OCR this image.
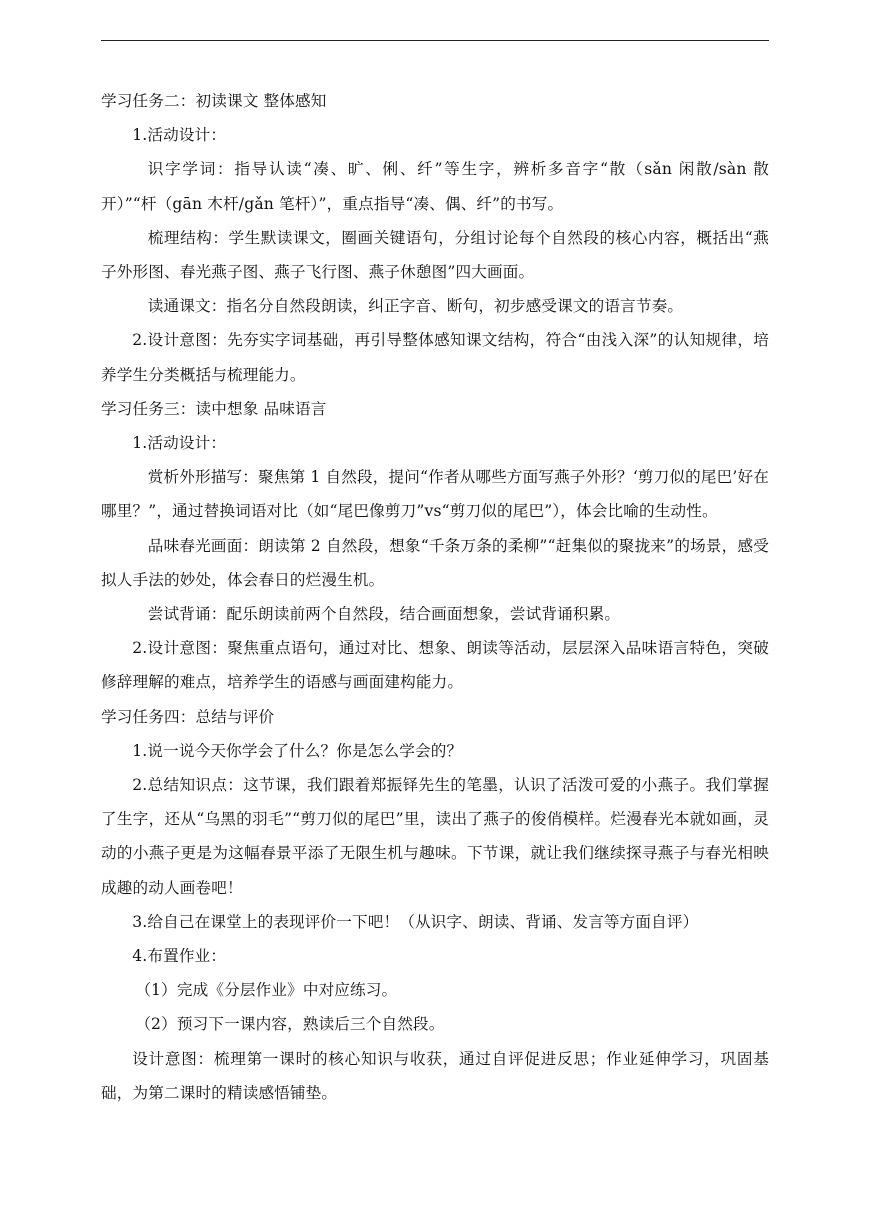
学习任务二：初读课文 整体感知

1.活动设计：

识字学词：指导认读“凑、旷、俐、纤”等生字，辨析多音字“散（sǎn 闲散/sàn 散开）”“杆（gān 木杆/gǎn 笔杆）”，重点指导“凑、偶、纤”的书写。

梳理结构：学生默读课文，圈画关键语句，分组讨论每个自然段的核心内容，概括出“燕子外形图、春光燕子图、燕子飞行图、燕子休憩图”四大画面。

读通课文：指名分自然段朗读，纠正字音、断句，初步感受课文的语言节奏。

2.设计意图：先夯实字词基础，再引导整体感知课文结构，符合“由浅入深”的认知规律，培养学生分类概括与梳理能力。

学习任务三：读中想象 品味语言

1.活动设计：

赏析外形描写：聚焦第 1 自然段，提问“作者从哪些方面写燕子外形？‘剪刀似的尾巴’好在哪里？”，通过替换词语对比（如“尾巴像剪刀”vs“剪刀似的尾巴”），体会比喻的生动性。

品味春光画面：朗读第 2 自然段，想象“千条万条的柔柳”“赶集似的聚拢来”的场景，感受拟人手法的妙处，体会春日的烂漫生机。

尝试背诵：配乐朗读前两个自然段，结合画面想象，尝试背诵积累。

2.设计意图：聚焦重点语句，通过对比、想象、朗读等活动，层层深入品味语言特色，突破修辞理解的难点，培养学生的语感与画面建构能力。

学习任务四：总结与评价

1.说一说今天你学会了什么？你是怎么学会的？

2.总结知识点：这节课，我们跟着郑振铎先生的笔墨，认识了活泼可爱的小燕子。我们掌握了生字，还从“乌黑的羽毛”“剪刀似的尾巴”里，读出了燕子的俊俏模样。烂漫春光本就如画，灵动的小燕子更是为这幅春景平添了无限生机与趣味。下节课，就让我们继续探寻燕子与春光相映成趣的动人画卷吧！

3.给自己在课堂上的表现评价一下吧！（从识字、朗读、背诵、发言等方面自评）

4.布置作业：

（1）完成《分层作业》中对应练习。

（2）预习下一课内容，熟读后三个自然段。

设计意图：梳理第一课时的核心知识与收获，通过自评促进反思；作业延伸学习，巩固基础，为第二课时的精读感悟铺垫。
